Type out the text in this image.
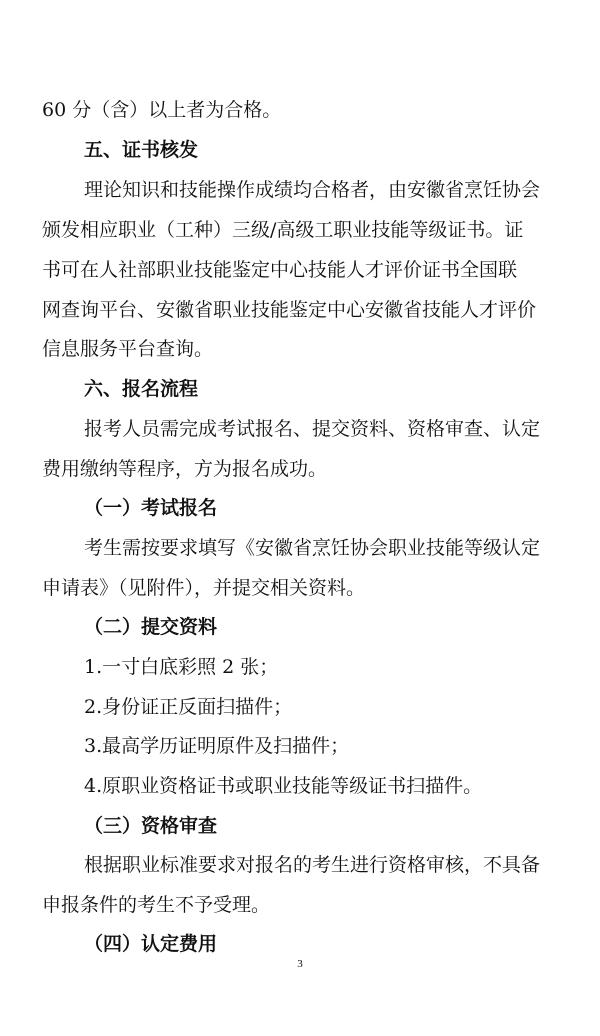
60 分（含）以上者为合格。
五、证书核发
理论知识和技能操作成绩均合格者，由安徽省烹饪协会
颁发相应职业（工种）三级/高级工职业技能等级证书。证
书可在人社部职业技能鉴定中心技能人才评价证书全国联
网查询平台、安徽省职业技能鉴定中心安徽省技能人才评价
信息服务平台查询。
六、报名流程
报考人员需完成考试报名、提交资料、资格审查、认定
费用缴纳等程序，方为报名成功。
（一）考试报名
考生需按要求填写《安徽省烹饪协会职业技能等级认定
申请表》（见附件），并提交相关资料。
（二）提交资料
1.一寸白底彩照 2 张；
2.身份证正反面扫描件；
3.最高学历证明原件及扫描件；
4.原职业资格证书或职业技能等级证书扫描件。
（三）资格审查
根据职业标准要求对报名的考生进行资格审核，不具备
申报条件的考生不予受理。
（四）认定费用
3
